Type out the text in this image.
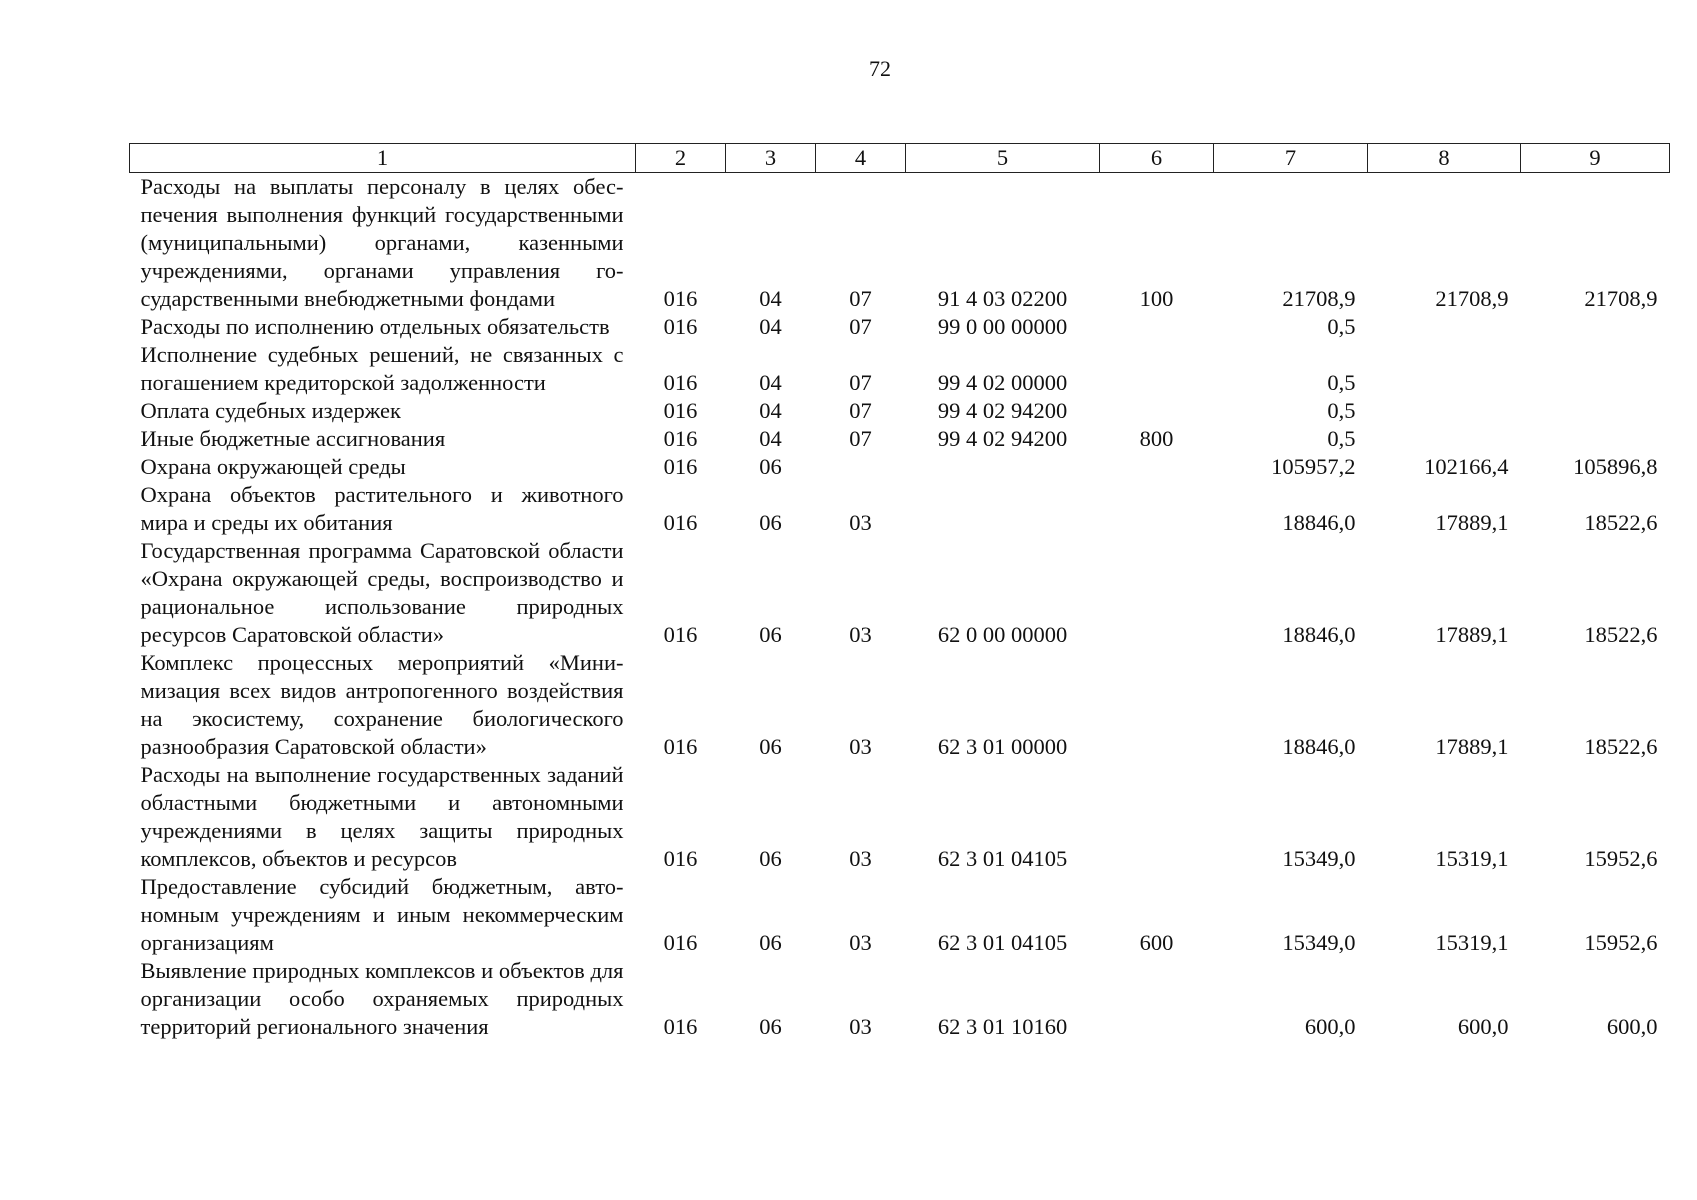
72
1	2	3	4	5	6	7	8	9
Расходы на выплаты персоналу в целях обеспечения выполнения функций государственными (муниципальными) органами, казенными учреждениями, органами управления государственными внебюджетными фондами	016	04	07	91 4 03 02200	100	21708,9	21708,9	21708,9
Расходы по исполнению отдельных обязательств	016	04	07	99 0 00 00000		0,5		
Исполнение судебных решений, не связанных с погашением кредиторской задолженности	016	04	07	99 4 02 00000		0,5		
Оплата судебных издержек	016	04	07	99 4 02 94200		0,5		
Иные бюджетные ассигнования	016	04	07	99 4 02 94200	800	0,5		
Охрана окружающей среды	016	06				105957,2	102166,4	105896,8
Охрана объектов растительного и животного мира и среды их обитания	016	06	03			18846,0	17889,1	18522,6
Государственная программа Саратовской области «Охрана окружающей среды, воспроизводство и рациональное использование природных ресурсов Саратовской области»	016	06	03	62 0 00 00000		18846,0	17889,1	18522,6
Комплекс процессных мероприятий «Минимизация всех видов антропогенного воздействия на экосистему, сохранение биологического разнообразия Саратовской области»	016	06	03	62 3 01 00000		18846,0	17889,1	18522,6
Расходы на выполнение государственных заданий областными бюджетными и автономными учреждениями в целях защиты природных комплексов, объектов и ресурсов	016	06	03	62 3 01 04105		15349,0	15319,1	15952,6
Предоставление субсидий бюджетным, автономным учреждениям и иным некоммерческим организациям	016	06	03	62 3 01 04105	600	15349,0	15319,1	15952,6
Выявление природных комплексов и объектов для организации особо охраняемых природных территорий регионального значения	016	06	03	62 3 01 10160		600,0	600,0	600,0
